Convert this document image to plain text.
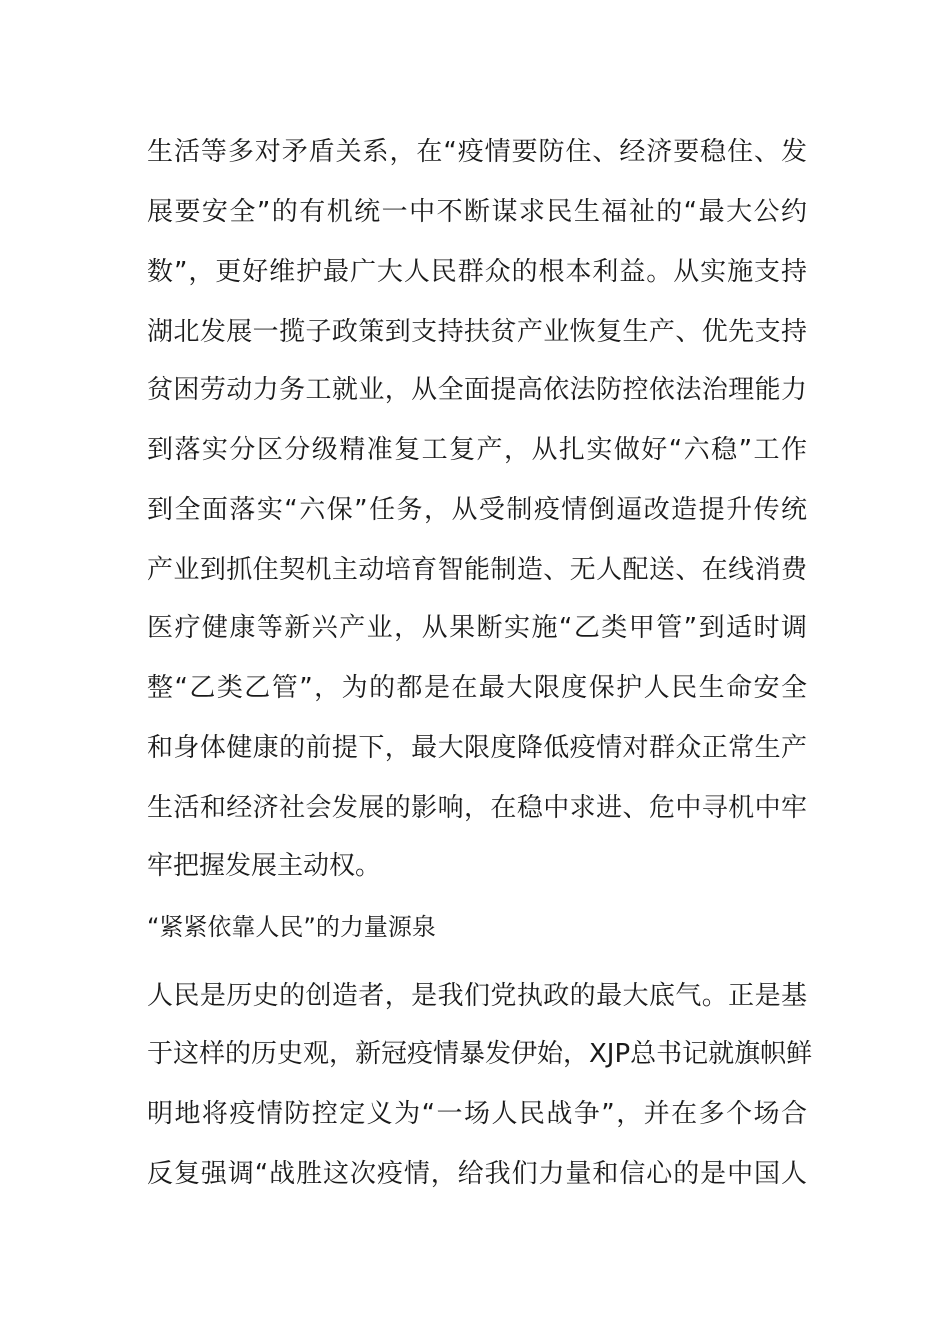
生活等多对矛盾关系，在“疫情要防住、经济要稳住、发
展要安全”的有机统一中不断谋求民生福祉的“最大公约
数”，更好维护最广大人民群众的根本利益。从实施支持
湖北发展一揽子政策到支持扶贫产业恢复生产、优先支持
贫困劳动力务工就业，从全面提高依法防控依法治理能力
到落实分区分级精准复工复产，从扎实做好“六稳”工作
到全面落实“六保”任务，从受制疫情倒逼改造提升传统
产业到抓住契机主动培育智能制造、无人配送、在线消费
医疗健康等新兴产业，从果断实施“乙类甲管”到适时调
整“乙类乙管”，为的都是在最大限度保护人民生命安全
和身体健康的前提下，最大限度降低疫情对群众正常生产
生活和经济社会发展的影响，在稳中求进、危中寻机中牢
牢把握发展主动权。
“紧紧依靠人民”的力量源泉
人民是历史的创造者，是我们党执政的最大底气。正是基
于这样的历史观，新冠疫情暴发伊始，XJP总书记就旗帜鲜
明地将疫情防控定义为“一场人民战争”，并在多个场合
反复强调“战胜这次疫情，给我们力量和信心的是中国人
